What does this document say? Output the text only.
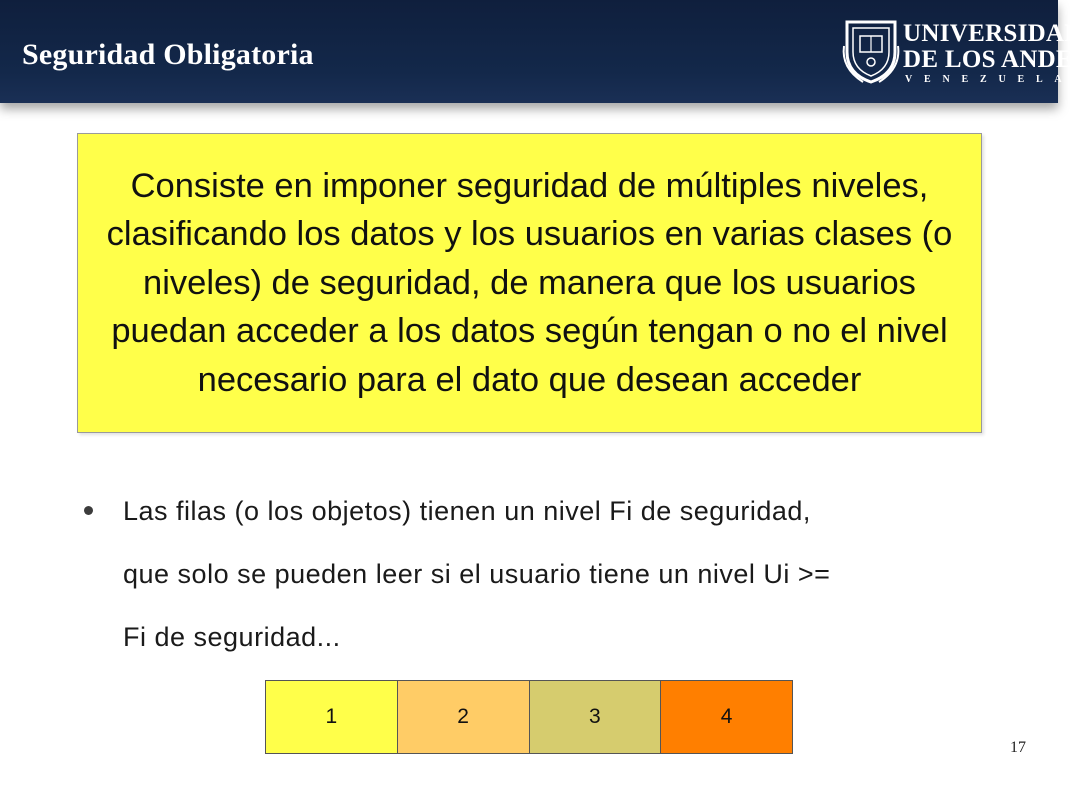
Seguridad Obligatoria
UNIVERSIDAD
DE LOS ANDES
VENEZUELA

Consiste en imponer seguridad de múltiples niveles, clasificando los datos y los usuarios en varias clases (o niveles) de seguridad, de manera que los usuarios puedan acceder a los datos según tengan o no el nivel necesario para el dato que desean acceder

Las filas (o los objetos) tienen un nivel Fi de seguridad, que solo se pueden leer si el usuario tiene un nivel Ui >= Fi de seguridad...
1	2	3	4
17
